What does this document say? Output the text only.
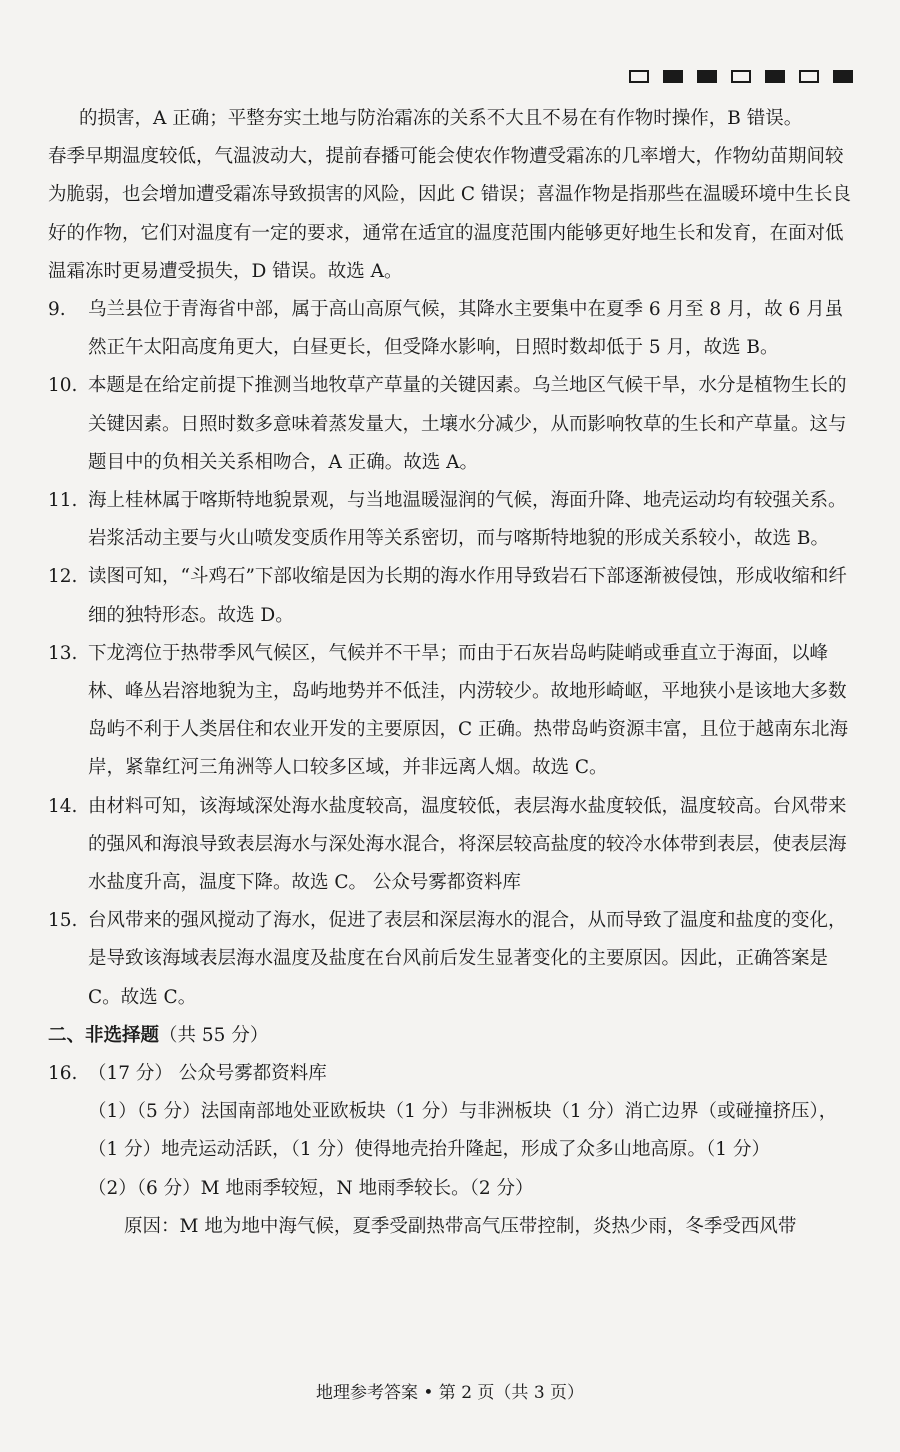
的损害，A 正确；平整夯实土地与防治霜冻的关系不大且不易在有作物时操作，B 错误。

春季早期温度较低，气温波动大，提前春播可能会使农作物遭受霜冻的几率增大，作物幼苗期间较为脆弱，也会增加遭受霜冻导致损害的风险，因此 C 错误；喜温作物是指那些在温暖环境中生长良好的作物，它们对温度有一定的要求，通常在适宜的温度范围内能够更好地生长和发育，在面对低温霜冻时更易遭受损失，D 错误。故选 A。

9. 乌兰县位于青海省中部，属于高山高原气候，其降水主要集中在夏季 6 月至 8 月，故 6 月虽然正午太阳高度角更大，白昼更长，但受降水影响，日照时数却低于 5 月，故选 B。
10. 本题是在给定前提下推测当地牧草产草量的关键因素。乌兰地区气候干旱，水分是植物生长的关键因素。日照时数多意味着蒸发量大，土壤水分减少，从而影响牧草的生长和产草量。这与题目中的负相关关系相吻合，A 正确。故选 A。
11. 海上桂林属于喀斯特地貌景观，与当地温暖湿润的气候，海面升降、地壳运动均有较强关系。岩浆活动主要与火山喷发变质作用等关系密切，而与喀斯特地貌的形成关系较小，故选 B。
12. 读图可知，“斗鸡石”下部收缩是因为长期的海水作用导致岩石下部逐渐被侵蚀，形成收缩和纤细的独特形态。故选 D。
13. 下龙湾位于热带季风气候区，气候并不干旱；而由于石灰岩岛屿陡峭或垂直立于海面，以峰林、峰丛岩溶地貌为主，岛屿地势并不低洼，内涝较少。故地形崎岖，平地狭小是该地大多数岛屿不利于人类居住和农业开发的主要原因，C 正确。热带岛屿资源丰富，且位于越南东北海岸，紧靠红河三角洲等人口较多区域，并非远离人烟。故选 C。
14. 由材料可知，该海域深处海水盐度较高，温度较低，表层海水盐度较低，温度较高。台风带来的强风和海浪导致表层海水与深处海水混合，将深层较高盐度的较冷水体带到表层，使表层海水盐度升高，温度下降。故选 C。 公众号雾都资料库
15. 台风带来的强风搅动了海水，促进了表层和深层海水的混合，从而导致了温度和盐度的变化，是导致该海域表层海水温度及盐度在台风前后发生显著变化的主要原因。因此，正确答案是 C。故选 C。

二、非选择题（共 55 分）

16. （17 分） 公众号雾都资料库

（1）（5 分）法国南部地处亚欧板块（1 分）与非洲板块（1 分）消亡边界（或碰撞挤压），（1 分）地壳运动活跃，（1 分）使得地壳抬升隆起，形成了众多山地高原。（1 分）

（2）（6 分）M 地雨季较短，N 地雨季较长。（2 分）

原因：M 地为地中海气候，夏季受副热带高气压带控制，炎热少雨，冬季受西风带

地理参考答案 • 第 2 页（共 3 页）
